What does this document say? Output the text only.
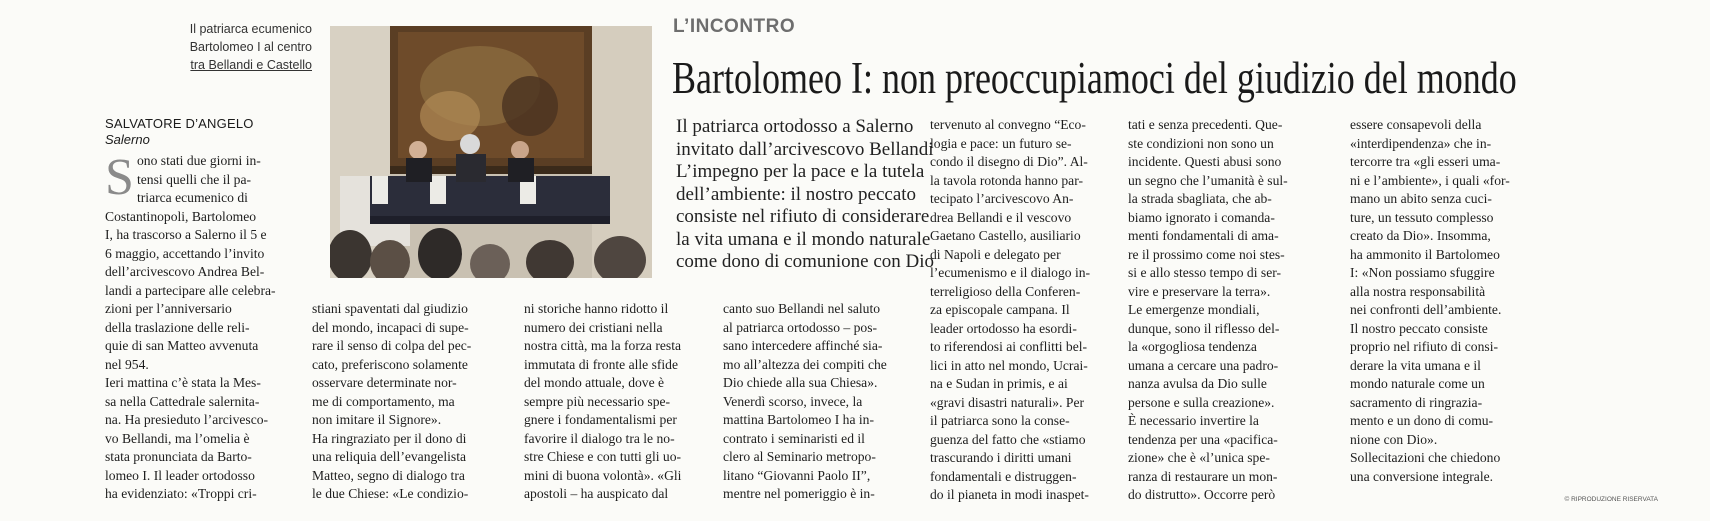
Il patriarca ecumenico
Bartolomeo I al centro
tra Bellandi e Castello
L’INCONTRO
Bartolomeo I: non preoccupiamoci del giudizio del mondo
Il patriarca ortodosso a Salerno
invitato dall’arcivescovo Bellandi
L’impegno per la pace e la tutela
dell’ambiente: il nostro peccato
consiste nel rifiuto di considerare
la vita umana e il mondo naturale
come dono di comunione con Dio
SALVATORE D’ANGELO
Salerno
S ono stati due giorni in-
tensi quelli che il pa-
triarca ecumenico di
Costantinopoli, Bartolomeo
I, ha trascorso a Salerno il 5 e
6 maggio, accettando l’invito
dell’arcivescovo Andrea Bel-
landi a partecipare alle celebra-
zioni per l’anniversario
della traslazione delle reli-
quie di san Matteo avvenuta
nel 954.
Ieri mattina c’è stata la Mes-
sa nella Cattedrale salernita-
na. Ha presieduto l’arcivesco-
vo Bellandi, ma l’omelia è
stata pronunciata da Barto-
lomeo I. Il leader ortodosso
ha evidenziato: «Troppi cri-
stiani spaventati dal giudizio
del mondo, incapaci di supe-
rare il senso di colpa del pec-
cato, preferiscono solamente
osservare determinate nor-
me di comportamento, ma
non imitare il Signore».
Ha ringraziato per il dono di
una reliquia dell’evangelista
Matteo, segno di dialogo tra
le due Chiese: «Le condizio-
ni storiche hanno ridotto il
numero dei cristiani nella
nostra città, ma la forza resta
immutata di fronte alle sfide
del mondo attuale, dove è
sempre più necessario spe-
gnere i fondamentalismi per
favorire il dialogo tra le no-
stre Chiese e con tutti gli uo-
mini di buona volontà». «Gli
apostoli – ha auspicato dal
canto suo Bellandi nel saluto
al patriarca ortodosso – pos-
sano intercedere affinché sia-
mo all’altezza dei compiti che
Dio chiede alla sua Chiesa».
Venerdì scorso, invece, la
mattina Bartolomeo I ha in-
contrato i seminaristi ed il
clero al Seminario metropo-
litano “Giovanni Paolo II”,
mentre nel pomeriggio è in-
tervenuto al convegno “Eco-
logia e pace: un futuro se-
condo il disegno di Dio”. Al-
la tavola rotonda hanno par-
tecipato l’arcivescovo An-
drea Bellandi e il vescovo
Gaetano Castello, ausiliario
di Napoli e delegato per
l’ecumenismo e il dialogo in-
terreligioso della Conferen-
za episcopale campana. Il
leader ortodosso ha esordi-
to riferendosi ai conflitti bel-
lici in atto nel mondo, Ucrai-
na e Sudan in primis, e ai
«gravi disastri naturali». Per
il patriarca sono la conse-
guenza del fatto che «stiamo
trascurando i diritti umani
fondamentali e distruggen-
do il pianeta in modi inaspet-
tati e senza precedenti. Que-
ste condizioni non sono un
incidente. Questi abusi sono
un segno che l’umanità è sul-
la strada sbagliata, che ab-
biamo ignorato i comanda-
menti fondamentali di ama-
re il prossimo come noi stes-
si e allo stesso tempo di ser-
vire e preservare la terra».
Le emergenze mondiali,
dunque, sono il riflesso del-
la «orgogliosa tendenza
umana a cercare una padro-
nanza avulsa da Dio sulle
persone e sulla creazione».
È necessario invertire la
tendenza per una «pacifica-
zione» che è «l’unica spe-
ranza di restaurare un mon-
do distrutto». Occorre però
essere consapevoli della
«interdipendenza» che in-
tercorre tra «gli esseri uma-
ni e l’ambiente», i quali «for-
mano un abito senza cuci-
ture, un tessuto complesso
creato da Dio». Insomma,
ha ammonito il Bartolomeo
I: «Non possiamo sfuggire
alla nostra responsabilità
nei confronti dell’ambiente.
Il nostro peccato consiste
proprio nel rifiuto di consi-
derare la vita umana e il
mondo naturale come un
sacramento di ringrazia-
mento e un dono di comu-
nione con Dio».
Sollecitazioni che chiedono
una conversione integrale.
© RIPRODUZIONE RISERVATA
